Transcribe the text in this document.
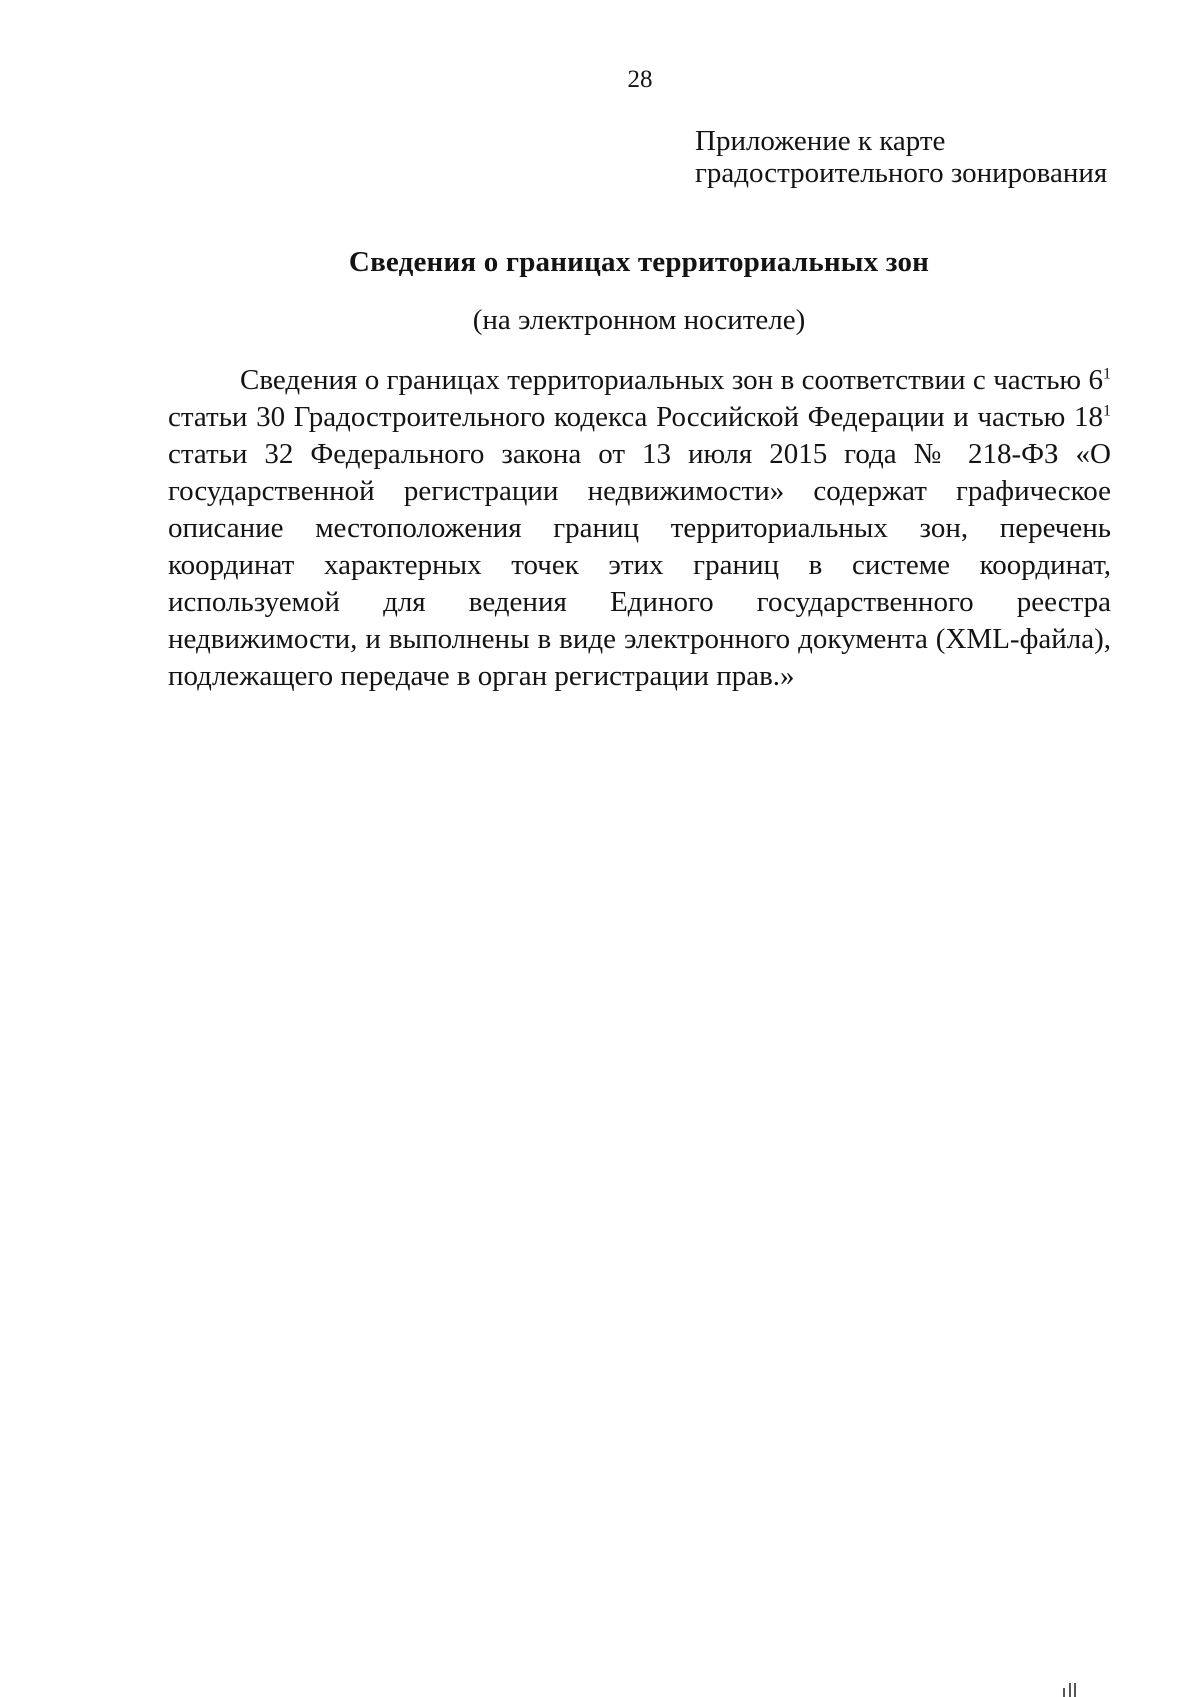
28
Приложение к карте
градостроительного зонирования
Сведения о границах территориальных зон
(на электронном носителе)

Сведения о границах территориальных зон в соответствии с частью $6^1$ статьи 30 Градостроительного кодекса Российской Федерации и частью $18^1$ статьи 32 Федерального закона от 13 июля 2015 года № 218-ФЗ «О государственной регистрации недвижимости» содержат графическое описание местоположения границ территориальных зон, перечень координат характерных точек этих границ в системе координат, используемой для ведения Единого государственного реестра недвижимости, и выполнены в виде электронного документа (XML-файла), подлежащего передаче в орган регистрации прав.»
